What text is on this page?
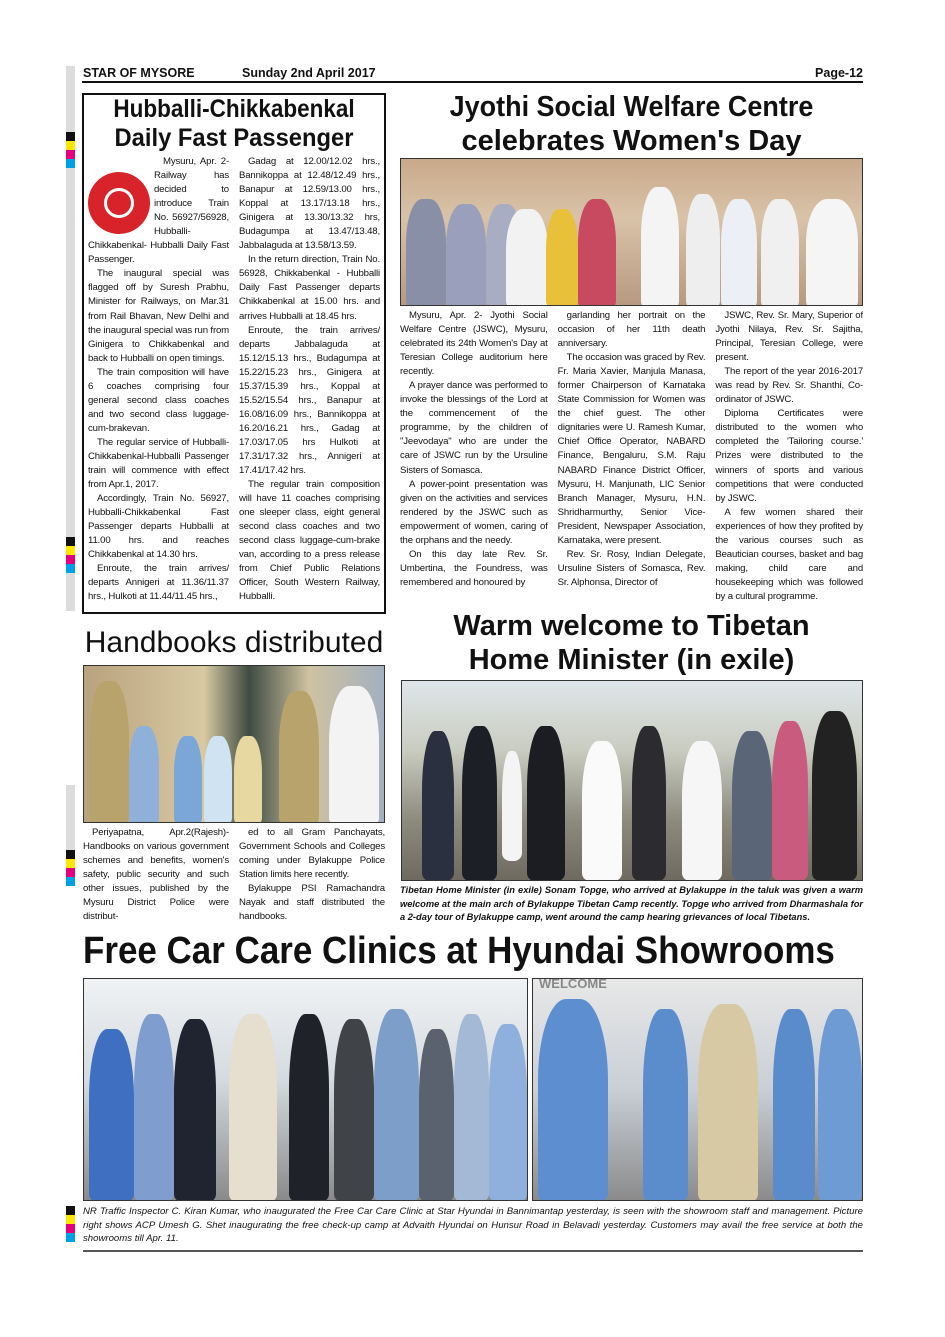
STAR OF MYSORE	Sunday 2nd April 2017	Page-12
Hubballi-Chikkabenkal
Daily Fast Passenger

Mysuru, Apr. 2- Railway has decided to introduce Train No. 56927/56928, Hubballi-Chikkabenkal- Hubballi Daily Fast Passenger.

The inaugural special was flagged off by Suresh Prabhu, Minister for Railways, on Mar.31 from Rail Bhavan, New Delhi and the inaugural special was run from Ginigera to Chikkabenkal and back to Hubballi on open timings.

The train composition will have 6 coaches comprising four general second class coaches and two second class luggage-cum-brakevan.

The regular service of Hubballi-Chikkabenkal-Hubballi Passenger train will commence with effect from Apr.1, 2017.

Accordingly, Train No. 56927, Hubballi-Chikkabenkal Fast Passenger departs Hubballi at 11.00 hrs. and reaches Chikkabenkal at 14.30 hrs.

Enroute, the train arrives/ departs Annigeri at 11.36/11.37 hrs., Hulkoti at 11.44/11.45 hrs.,

Gadag at 12.00/12.02 hrs., Bannikoppa at 12.48/12.49 hrs., Banapur at 12.59/13.00 hrs., Koppal at 13.17/13.18 hrs., Ginigera at 13.30/13.32 hrs, Budagumpa at 13.47/13.48, Jabbalaguda at 13.58/13.59.

In the return direction, Train No. 56928, Chikkabenkal - Hubballi Daily Fast Passenger departs Chikkabenkal at 15.00 hrs. and arrives Hubballi at 18.45 hrs.

Enroute, the train arrives/ departs Jabbalaguda at 15.12/15.13 hrs., Budagumpa at 15.22/15.23 hrs., Ginigera at 15.37/15.39 hrs., Koppal at 15.52/15.54 hrs., Banapur at 16.08/16.09 hrs., Bannikoppa at 16.20/16.21 hrs., Gadag at 17.03/17.05 hrs Hulkoti at 17.31/17.32 hrs., Annigeri at 17.41/17.42 hrs.

The regular train composition will have 11 coaches comprising one sleeper class, eight general second class coaches and two second class luggage-cum-brake van, according to a press release from Chief Public Relations Officer, South Western Railway, Hubballi.

Jyothi Social Welfare Centre
celebrates Women's Day

Mysuru, Apr. 2- Jyothi Social Welfare Centre (JSWC), Mysuru, celebrated its 24th Women's Day at Teresian College auditorium here recently.

A prayer dance was performed to invoke the blessings of the Lord at the commencement of the programme, by the children of "Jeevodaya" who are under the care of JSWC run by the Ursuline Sisters of Somasca.

A power-point presentation was given on the activities and services rendered by the JSWC such as empowerment of women, caring of the orphans and the needy.

On this day late Rev. Sr. Umbertina, the Foundress, was remembered and honoured by

garlanding her portrait on the occasion of her 11th death anniversary.

The occasion was graced by Rev. Fr. Maria Xavier, Manjula Manasa, former Chairperson of Karnataka State Commission for Women was the chief guest. The other dignitaries were U. Ramesh Kumar, Chief Office Operator, NABARD Finance, Bengaluru, S.M. Raju NABARD Finance District Officer, Mysuru, H. Manjunath, LIC Senior Branch Manager, Mysuru, H.N. Shridharmurthy, Senior Vice-President, Newspaper Association, Karnataka, were present.

Rev. Sr. Rosy, Indian Delegate, Ursuline Sisters of Somasca, Rev. Sr. Alphonsa, Director of

JSWC, Rev. Sr. Mary, Superior of Jyothi Nilaya, Rev. Sr. Sajitha, Principal, Teresian College, were present.

The report of the year 2016-2017 was read by Rev. Sr. Shanthi, Co-ordinator of JSWC.

Diploma Certificates were distributed to the women who completed the 'Tailoring course.' Prizes were distributed to the winners of sports and various competitions that were conducted by JSWC.

A few women shared their experiences of how they profited by the various courses such as Beautician courses, basket and bag making, child care and housekeeping which was followed by a cultural programme.

Handbooks distributed

Periyapatna, Apr.2(Rajesh)- Handbooks on various government schemes and benefits, women's safety, public security and such other issues, published by the Mysuru District Police were distribut-

ed to all Gram Panchayats, Government Schools and Colleges coming under Bylakuppe Police Station limits here recently.

Bylakuppe PSI Ramachandra Nayak and staff distributed the handbooks.

Warm welcome to Tibetan
Home Minister (in exile)
Tibetan Home Minister (in exile) Sonam Topge, who arrived at Bylakuppe in the taluk was given a warm welcome at the main arch of Bylakuppe Tibetan Camp recently. Topge who arrived from Dharmashala for a 2-day tour of Bylakuppe camp, went around the camp hearing grievances of local Tibetans.
Free Car Care Clinics at Hyundai Showrooms
WELCOME
NR Traffic Inspector C. Kiran Kumar, who inaugurated the Free Car Care Clinic at Star Hyundai in Bannimantap yesterday, is seen with the showroom staff and management. Picture right shows ACP Umesh G. Shet inaugurating the free check-up camp at Advaith Hyundai on Hunsur Road in Belavadi yesterday. Customers may avail the free service at both the showrooms till Apr. 11.
